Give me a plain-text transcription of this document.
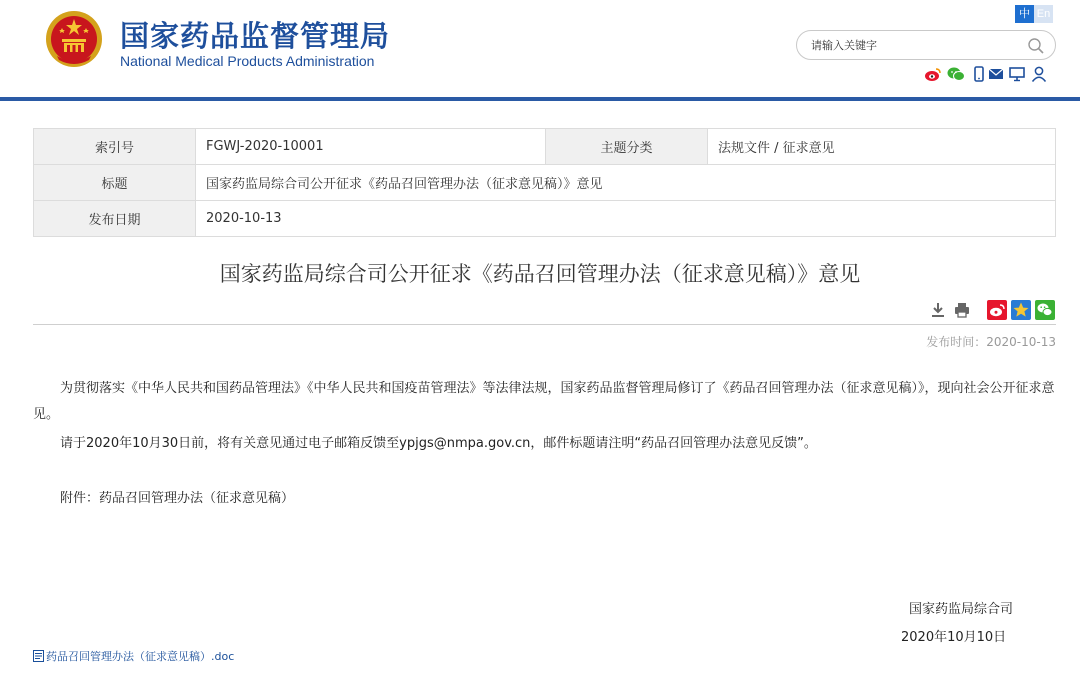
国家药品监督管理局
National Medical Products Administration
中 En
请输入关键字
索引号	FGWJ-2020-10001	主题分类	法规文件 / 征求意见
标题	国家药监局综合司公开征求《药品召回管理办法（征求意见稿）》意见		
发布日期	2020-10-13		
国家药监局综合司公开征求《药品召回管理办法（征求意见稿）》意见
发布时间：2020-10-13
为贯彻落实《中华人民共和国药品管理法》《中华人民共和国疫苗管理法》等法律法规，国家药品监督管理局修订了《药品召回管理办法（征求意见稿）》，现向社会公开征求意见。
请于2020年10月30日前，将有关意见通过电子邮箱反馈至ypjgs@nmpa.gov.cn，邮件标题请注明“药品召回管理办法意见反馈”。
附件：药品召回管理办法（征求意见稿）
国家药监局综合司
2020年10月10日
药品召回管理办法（征求意见稿）.doc
